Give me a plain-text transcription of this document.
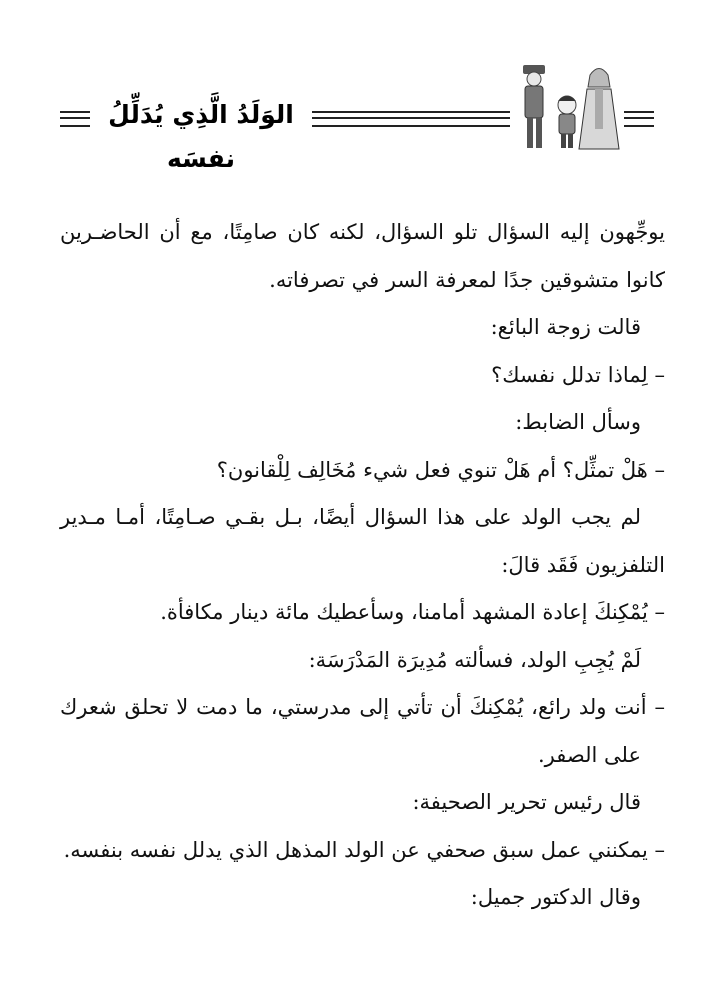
الوَلَدُ الَّذِي يُدَلِّلُ نفسَه
يوجِّهون إليه السؤال تلو السؤال، لكنه كان صامِتًا، مع أن الحاضـرين
كانوا متشوقين جدًا لمعرفة السر في تصرفاته.
قالت زوجة البائع:
– لِماذا تدلل نفسك؟
وسأل الضابط:
– هَلْ تمثِّل؟ أم هَلْ تنوي فعل شيء مُخَالِف لِلْقانون؟
لم يجب الولد على هذا السؤال أيضًا، بـل بقـي صـامِتًا، أمـا مـدير
التلفزيون فَقَد قالَ:
– يُمْكِنكَ إعادة المشهد أمامنا، وسأعطيك مائة دينار مكافأة.
لَمْ يُجِبِ الولد، فسألته مُدِيرَة المَدْرَسَة:
– أنت ولد رائع، يُمْكِنكَ أن تأتي إلى مدرستي، ما دمت لا تحلق شعرك
على الصفر.
قال رئيس تحرير الصحيفة:
– يمكنني عمل سبق صحفي عن الولد المذهل الذي يدلل نفسه بنفسه.
وقال الدكتور جميل:
